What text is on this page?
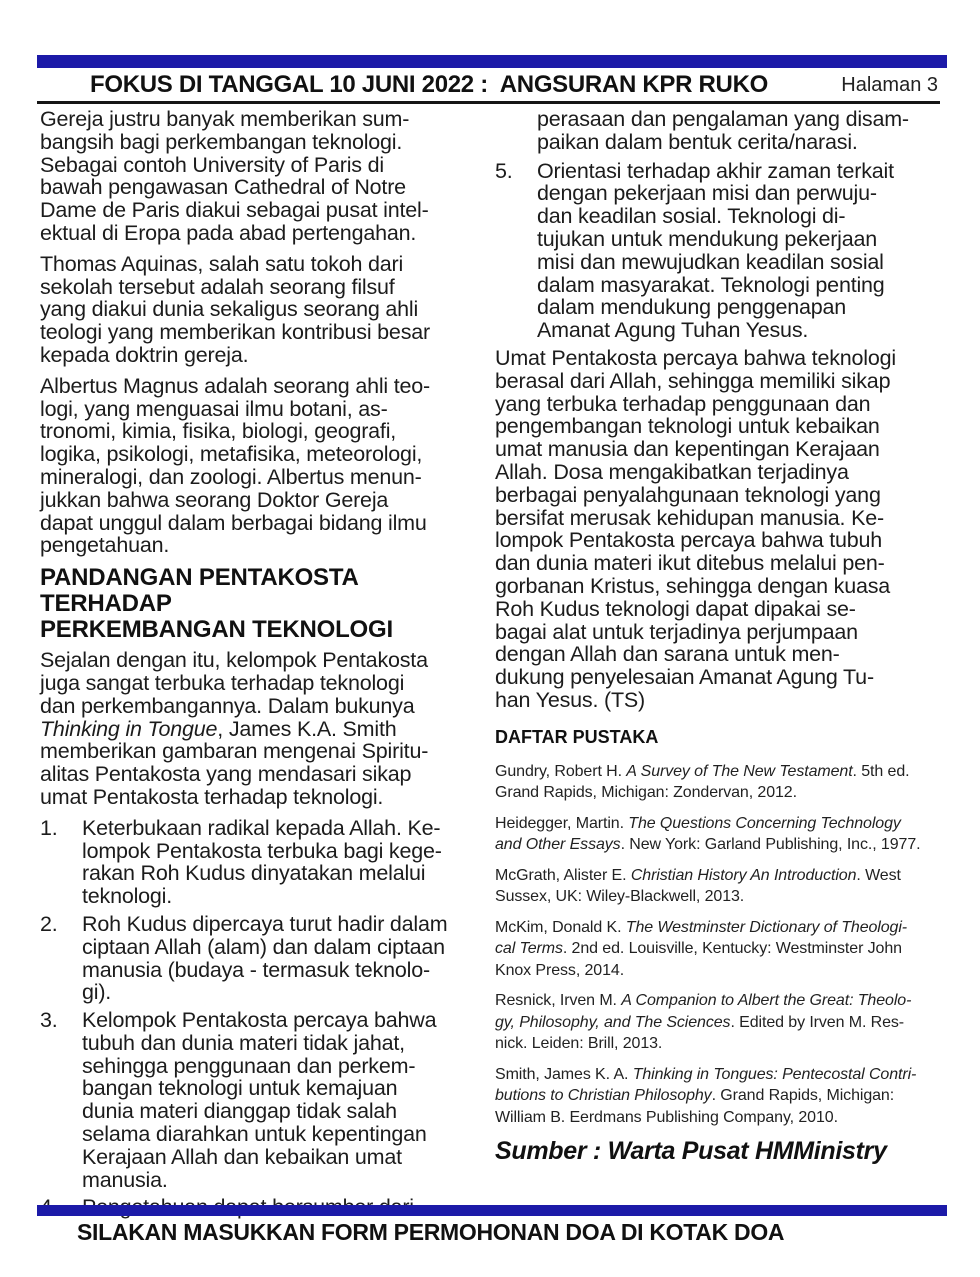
FOKUS DI TANGGAL 10 JUNI 2022 :  ANGSURAN KPR RUKO	Halaman 3

Gereja justru banyak memberikan sum-
bangsih bagi perkembangan teknologi.
Sebagai contoh University of Paris di
bawah pengawasan Cathedral of Notre
Dame de Paris diakui sebagai pusat intel-
ektual di Eropa pada abad pertengahan.

Thomas Aquinas, salah satu tokoh dari
sekolah tersebut adalah seorang filsuf
yang diakui dunia sekaligus seorang ahli
teologi yang memberikan kontribusi besar
kepada doktrin gereja.

Albertus Magnus adalah seorang ahli teo-
logi, yang menguasai ilmu botani, as-
tronomi, kimia, fisika, biologi, geografi,
logika, psikologi, metafisika, meteorologi,
mineralogi, dan zoologi. Albertus menun-
jukkan bahwa seorang Doktor Gereja
dapat unggul dalam berbagai bidang ilmu
pengetahuan.

PANDANGAN PENTAKOSTA TERHADAP
PERKEMBANGAN TEKNOLOGI

Sejalan dengan itu, kelompok Pentakosta
juga sangat terbuka terhadap teknologi
dan perkembangannya. Dalam bukunya
Thinking in Tongue, James K.A. Smith
memberikan gambaran mengenai Spiritu-
alitas Pentakosta yang mendasari sikap
umat Pentakosta terhadap teknologi.

1.	Keterbukaan radikal kepada Allah. Ke-
lompok Pentakosta terbuka bagi kege-
rakan Roh Kudus dinyatakan melalui
teknologi.
2.	Roh Kudus dipercaya turut hadir dalam
ciptaan Allah (alam) dan dalam ciptaan
manusia (budaya - termasuk teknolo-
gi).
3.	Kelompok Pentakosta percaya bahwa
tubuh dan dunia materi tidak jahat,
sehingga penggunaan dan perkem-
bangan teknologi untuk kemajuan
dunia materi dianggap tidak salah
selama diarahkan untuk kepentingan
Kerajaan Allah dan kebaikan umat
manusia.
perasaan dan pengalaman yang disam-
paikan dalam bentuk cerita/narasi.
5.	Orientasi terhadap akhir zaman terkait
dengan pekerjaan misi dan perwuju-
dan keadilan sosial. Teknologi di-
tujukan untuk mendukung pekerjaan
misi dan mewujudkan keadilan sosial
dalam masyarakat. Teknologi penting
dalam mendukung penggenapan
Amanat Agung Tuhan Yesus.

Umat Pentakosta percaya bahwa teknologi
berasal dari Allah, sehingga memiliki sikap
yang terbuka terhadap penggunaan dan
pengembangan teknologi untuk kebaikan
umat manusia dan kepentingan Kerajaan
Allah. Dosa mengakibatkan terjadinya
berbagai penyalahgunaan teknologi yang
bersifat merusak kehidupan manusia. Ke-
lompok Pentakosta percaya bahwa tubuh
dan dunia materi ikut ditebus melalui pen-
gorbanan Kristus, sehingga dengan kuasa
Roh Kudus teknologi dapat dipakai se-
bagai alat untuk terjadinya perjumpaan
dengan Allah dan sarana untuk men-
dukung penyelesaian Amanat Agung Tu-
han Yesus. (TS)

DAFTAR PUSTAKA

Gundry, Robert H. A Survey of The New Testament. 5th ed.
Grand Rapids, Michigan: Zondervan, 2012.

Heidegger, Martin. The Questions Concerning Technology
and Other Essays. New York: Garland Publishing, Inc., 1977.

McGrath, Alister E. Christian History An Introduction. West
Sussex, UK: Wiley-Blackwell, 2013.

McKim, Donald K. The Westminster Dictionary of Theologi-
cal Terms. 2nd ed. Louisville, Kentucky: Westminster John
Knox Press, 2014.

Resnick, Irven M. A Companion to Albert the Great: Theolo-
gy, Philosophy, and The Sciences. Edited by Irven M. Res-
nick. Leiden: Brill, 2013.

Smith, James K. A. Thinking in Tongues: Pentecostal Contri-
butions to Christian Philosophy. Grand Rapids, Michigan:
William B. Eerdmans Publishing Company, 2010.

Sumber : Warta Pusat HMMinistry
SILAKAN MASUKKAN FORM PERMOHONAN DOA DI KOTAK DOA
